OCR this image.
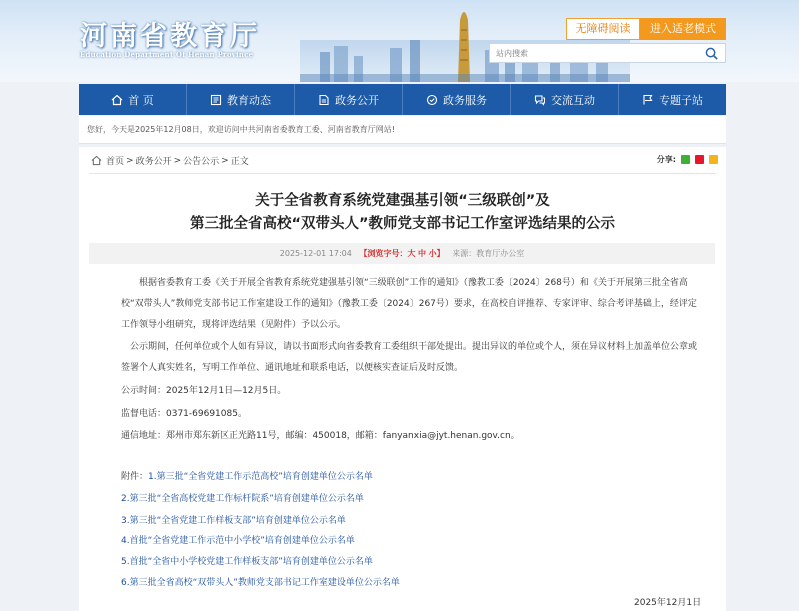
河南省教育厅
Education Department Of Henan Province
无障碍阅读	进入适老模式
站内搜索
首 页	教育动态	政务公开	政务服务	交流互动	专题子站
您好，今天是2025年12月08日，欢迎访问中共河南省委教育工委、河南省教育厅网站!
首页 > 政务公开 > 公告公示 > 正文	分享:
关于全省教育系统党建强基引领“三级联创”及
第三批全省高校“双带头人”教师党支部书记工作室评选结果的公示
2025-12-01 17:04 【浏览字号：大 中 小】 来源：教育厅办公室
根据省委教育工委《关于开展全省教育系统党建强基引领“三级联创”工作的通知》（豫教工委〔2024〕268号）和《关于开展第三批全省高校“双带头人”教师党支部书记工作室建设工作的通知》（豫教工委〔2024〕267号）要求，在高校自评推荐、专家评审、综合考评基础上，经评定工作领导小组研究，现将评选结果（见附件）予以公示。
公示期间，任何单位或个人如有异议，请以书面形式向省委教育工委组织干部处提出。提出异议的单位或个人，须在异议材料上加盖单位公章或签署个人真实姓名，写明工作单位、通讯地址和联系电话，以便核实查证后及时反馈。
公示时间：2025年12月1日—12月5日。
监督电话：0371-69691085。
通信地址：郑州市郑东新区正光路11号，邮编：450018，邮箱：fanyanxia@jyt.henan.gov.cn。
附件：1.第三批“全省党建工作示范高校”培育创建单位公示名单
2.第三批“全省高校党建工作标杆院系”培育创建单位公示名单
3.第三批“全省党建工作样板支部”培育创建单位公示名单
4.首批“全省党建工作示范中小学校”培育创建单位公示名单
5.首批“全省中小学校党建工作样板支部”培育创建单位公示名单
6.第三批全省高校“双带头人”教师党支部书记工作室建设单位公示名单
2025年12月1日
